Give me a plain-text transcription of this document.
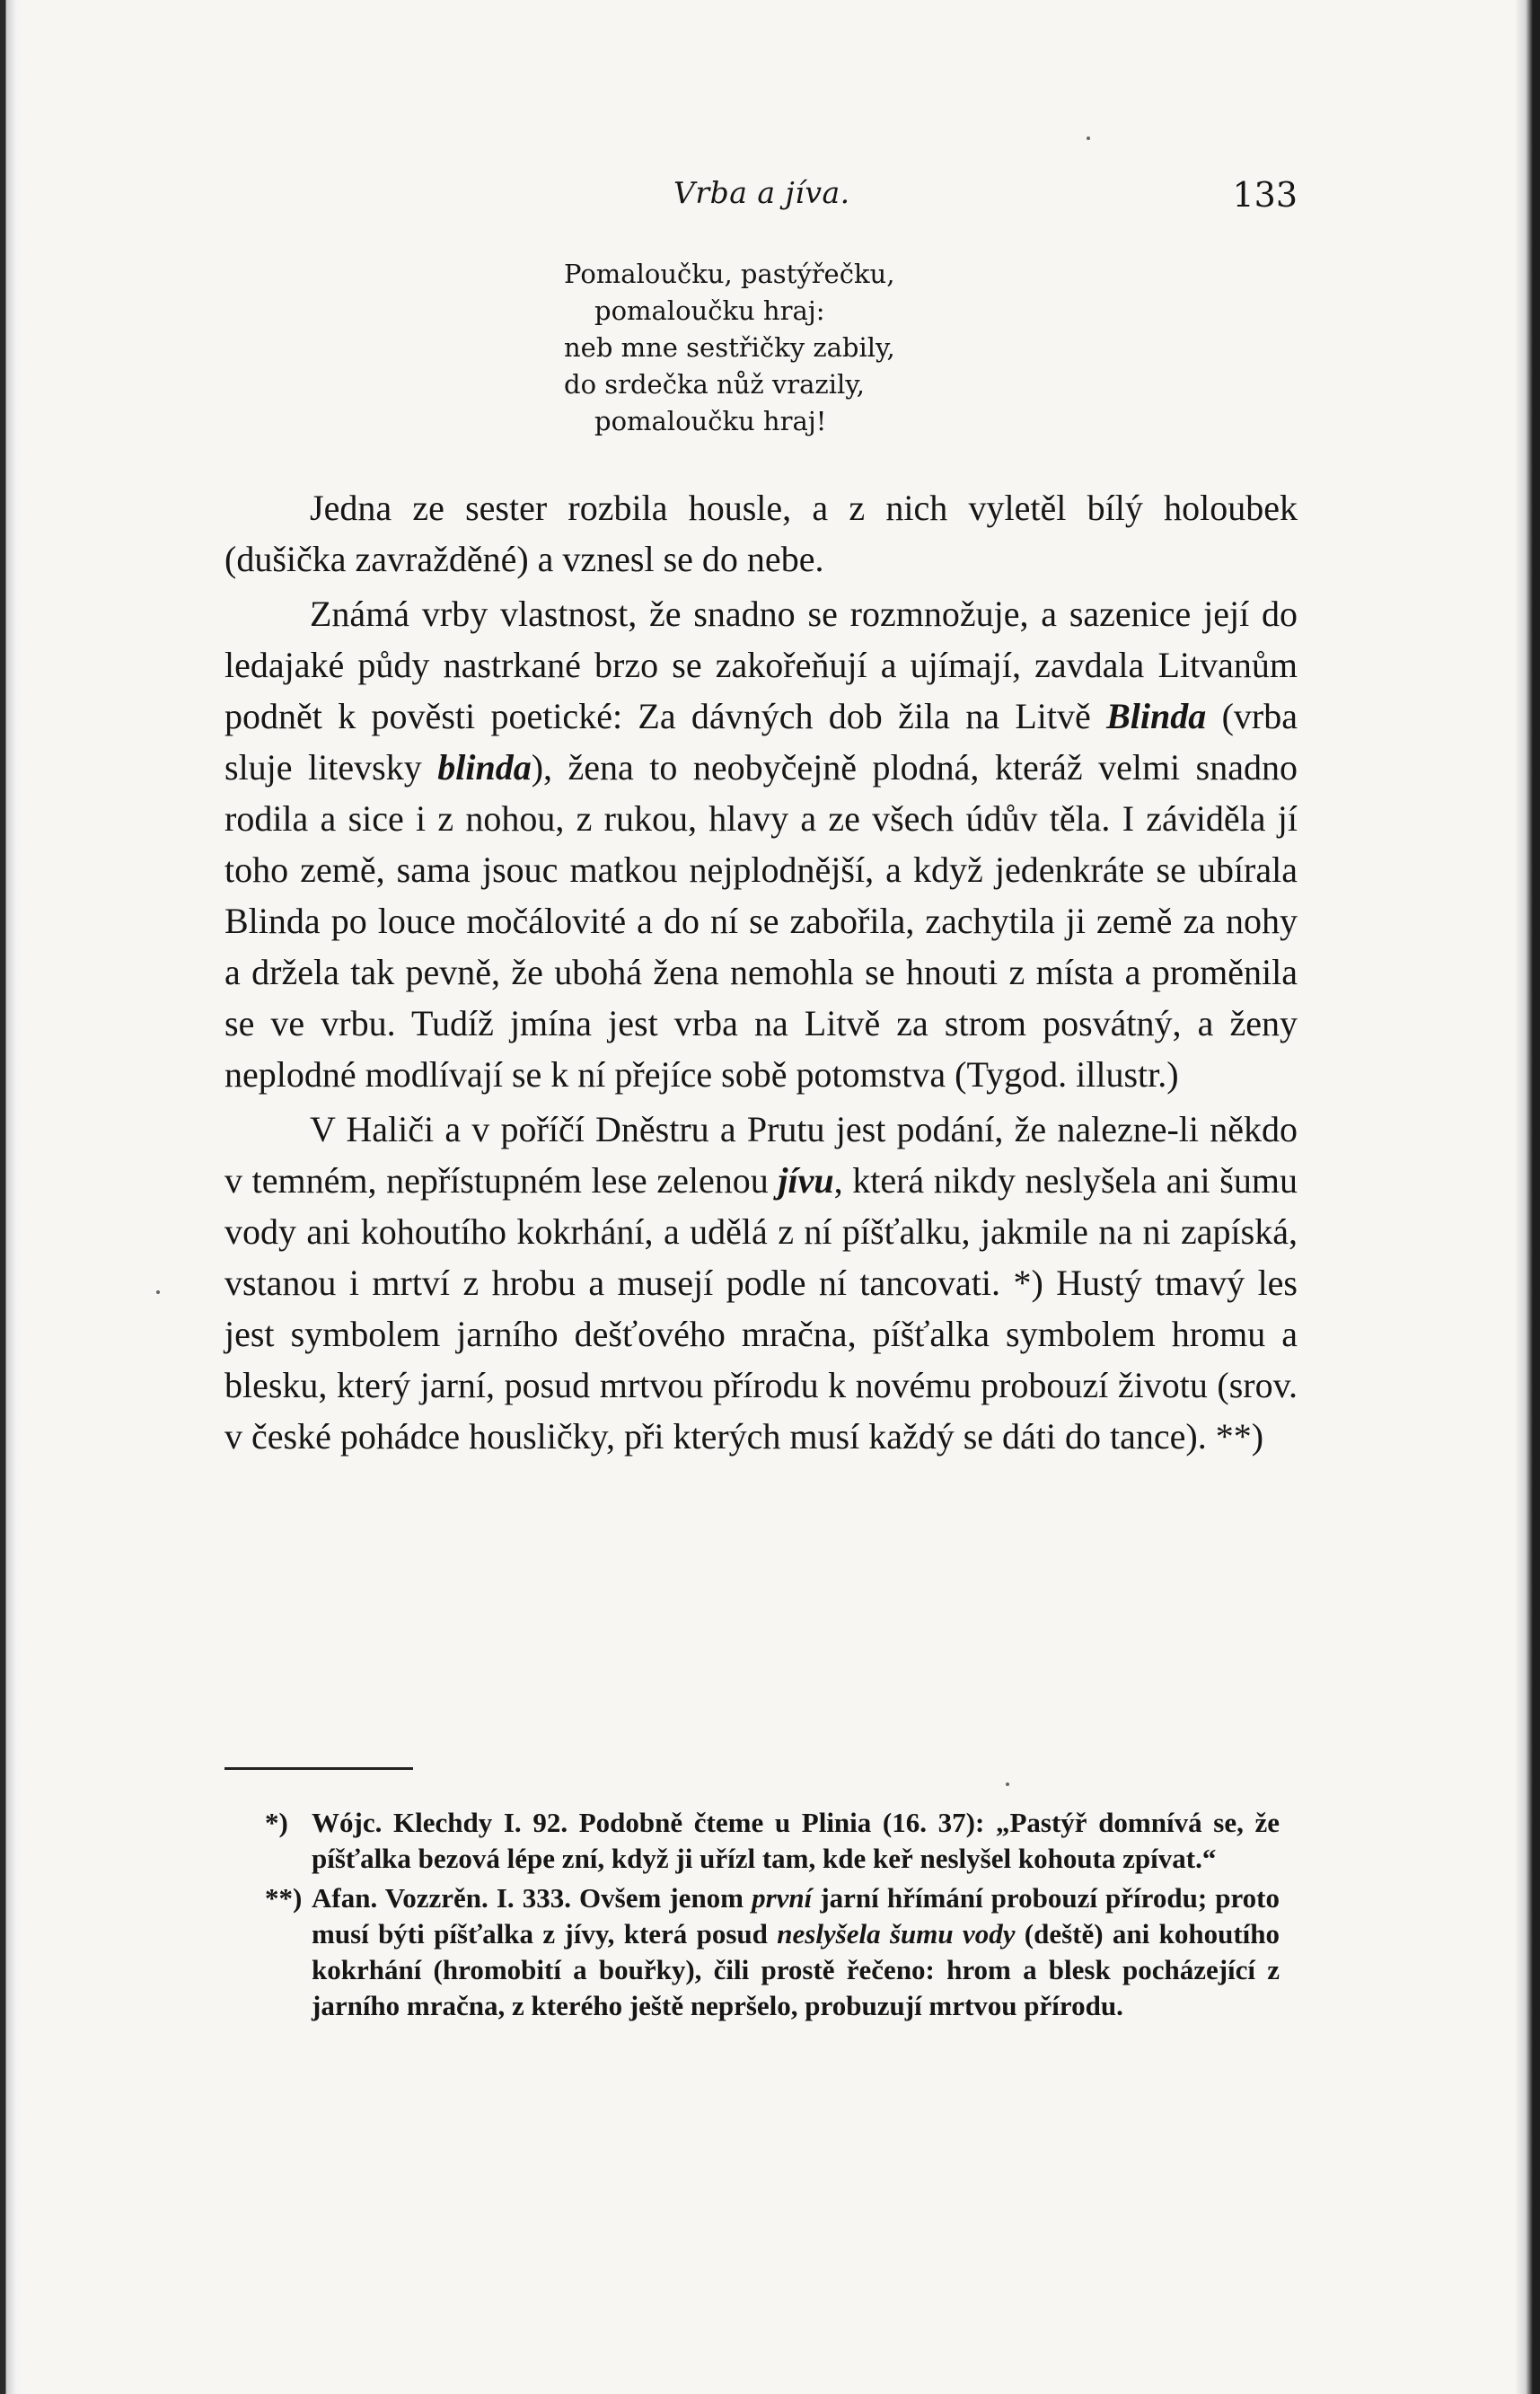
Vrba a jíva.	133
Pomaloučku, pastýřečku,
pomaloučku hraj:
neb mne sestřičky zabily,
do srdečka nůž vrazily,
pomaloučku hraj!

Jedna ze sester rozbila housle, a z nich vyletěl bílý holoubek (dušička zavražděné) a vznesl se do nebe.

Známá vrby vlastnost, že snadno se rozmnožuje, a sazenice její do ledajaké půdy nastrkané brzo se zakořeňují a ujímají, zavdala Litvanům podnět k pověsti poetické: Za dávných dob žila na Litvě Blinda (vrba sluje litevsky blinda), žena to neobyčejně plodná, kteráž velmi snadno rodila a sice i z nohou, z rukou, hlavy a ze všech údův těla. I záviděla jí toho země, sama jsouc matkou nejplodnější, a když jedenkráte se ubírala Blinda po louce močálovité a do ní se zabořila, zachytila ji země za nohy a držela tak pevně, že ubohá žena nemohla se hnouti z místa a proměnila se ve vrbu. Tudíž jmína jest vrba na Litvě za strom posvátný, a ženy neplodné modlívají se k ní přejíce sobě potomstva (Tygod. illustr.)

V Haliči a v poříčí Dněstru a Prutu jest podání, že nalezne-li někdo v temném, nepřístupném lese zelenou jívu, která nikdy neslyšela ani šumu vody ani kohoutího kokrhání, a udělá z ní píšťalku, jakmile na ni zapíská, vstanou i mrtví z hrobu a musejí podle ní tancovati. *) Hustý tmavý les jest symbolem jarního dešťového mračna, píšťalka symbolem hromu a blesku, který jarní, posud mrtvou přírodu k novému probouzí životu (srov. v české pohádce housličky, při kterých musí každý se dáti do tance). **)

*) Wójc. Klechdy I. 92. Podobně čteme u Plinia (16. 37): „Pastýř domnívá se, že píšťalka bezová lépe zní, když ji uřízl tam, kde keř neslyšel kohouta zpívat.“
**) Afan. Vozzrěn. I. 333. Ovšem jenom první jarní hřímání probouzí přírodu; proto musí býti píšťalka z jívy, která posud neslyšela šumu vody (deště) ani kohoutího kokrhání (hromobití a bouřky), čili prostě řečeno: hrom a blesk pocházející z jarního mračna, z kterého ještě nepršelo, probuzují mrtvou přírodu.
